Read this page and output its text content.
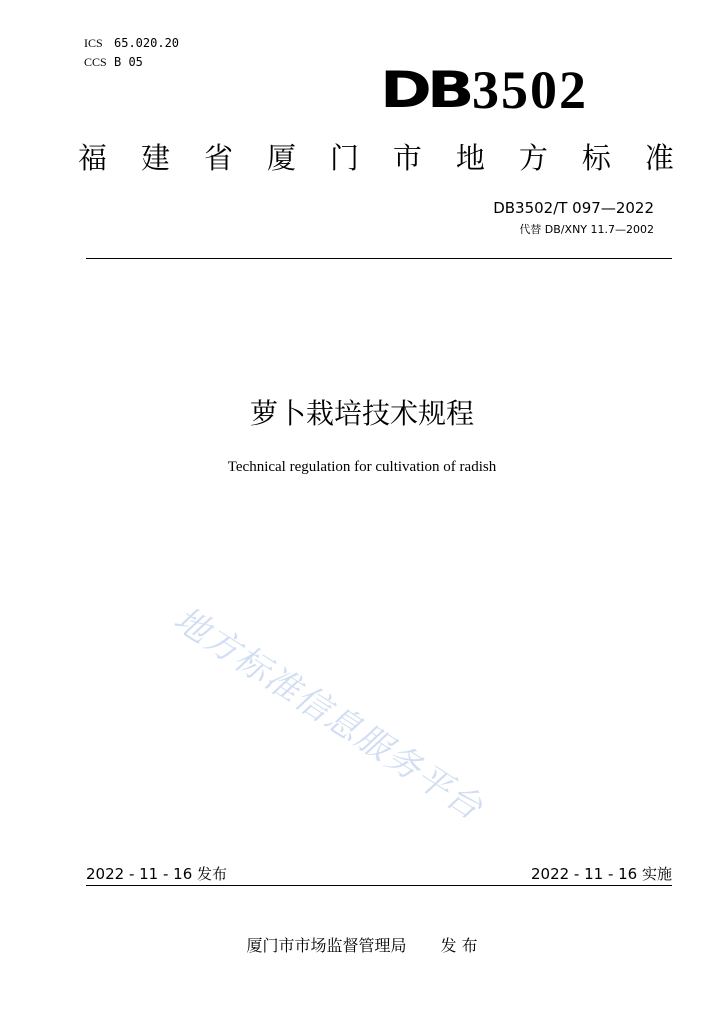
ICS 65.020.20
CCS B 05	DB 3502
福 建 省 厦 门 市 地 方 标 准
DB3502/T 097—2022
代替 DB/XNY 11.7—2002
萝卜栽培技术规程
Technical regulation for cultivation of radish
地方标准信息服务平台
2022 - 11 - 16 发布	2022 - 11 - 16 实施
厦门市市场监督管理局 发 布
